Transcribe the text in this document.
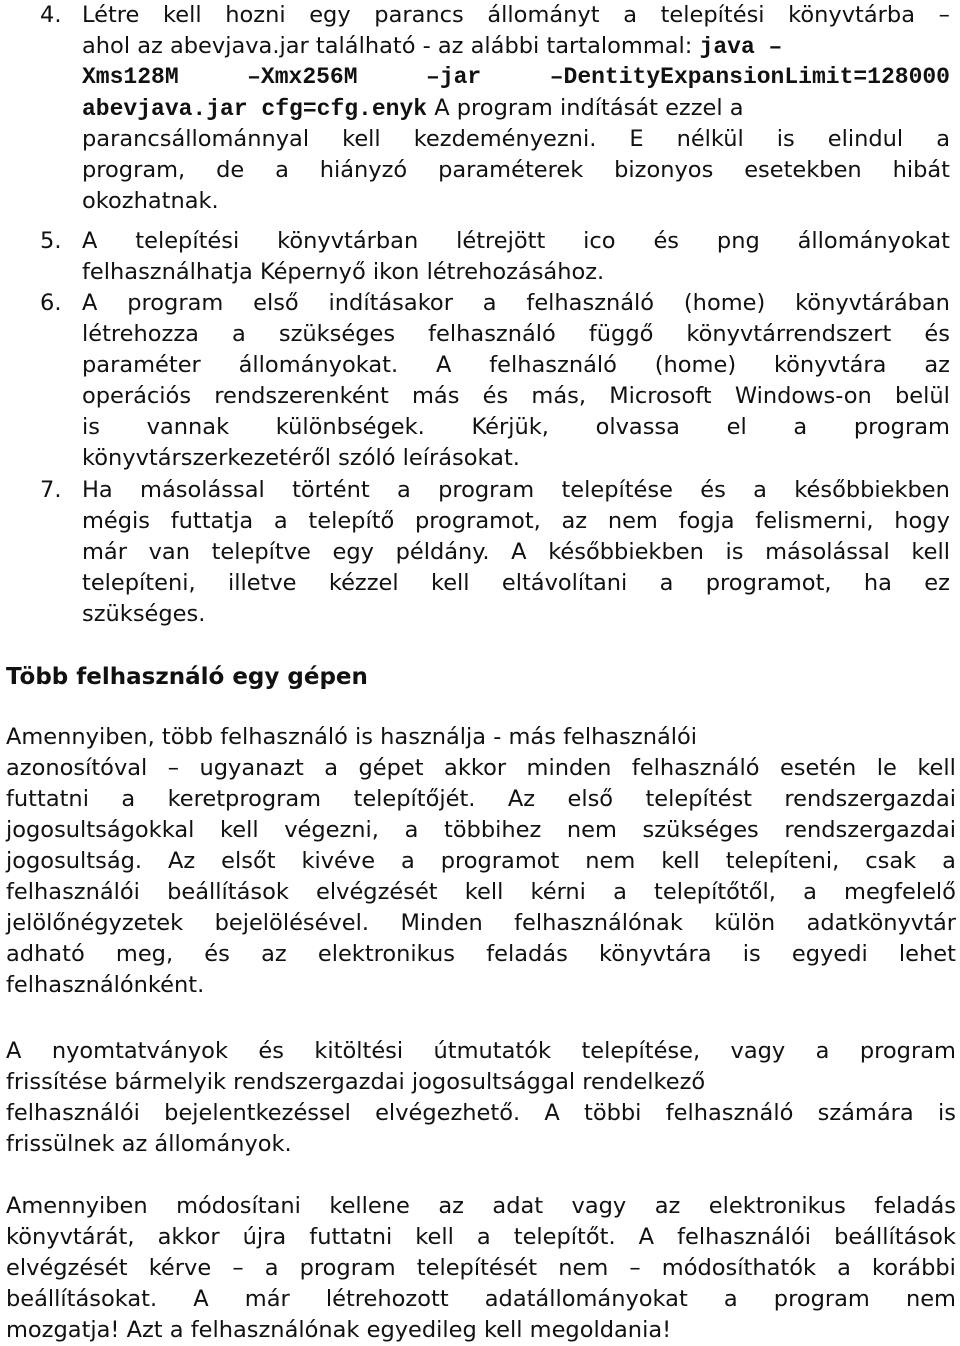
4. Létre kell hozni egy parancs állományt a telepítési könyvtárba –
ahol az abevjava.jar található - az alábbi tartalommal: java –
Xms128M	–Xmx256M	–jar	–DentityExpansionLimit=128000
abevjava.jar cfg=cfg.enyk A program indítását ezzel a
parancsállománnyal kell kezdeményezni. E nélkül is elindul a
program, de a hiányzó paraméterek bizonyos esetekben hibát
okozhatnak.
5. A telepítési könyvtárban létrejött ico és png állományokat
felhasználhatja Képernyő ikon létrehozásához.
6. A program első indításakor a felhasználó (home) könyvtárában
létrehozza a szükséges felhasználó függő könyvtárrendszert és
paraméter állományokat. A felhasználó (home) könyvtára az
operációs rendszerenként más és más, Microsoft Windows-on belül
is vannak különbségek. Kérjük, olvassa el a program
könyvtárszerkezetéről szóló leírásokat.
7. Ha másolással történt a program telepítése és a későbbiekben
mégis futtatja a telepítő programot, az nem fogja felismerni, hogy
már van telepítve egy példány. A későbbiekben is másolással kell
telepíteni, illetve kézzel kell eltávolítani a programot, ha ez
szükséges.
Több felhasználó egy gépen
Amennyiben, több felhasználó is használja - más felhasználói
azonosítóval – ugyanazt a gépet akkor minden felhasználó esetén le kell
futtatni a keretprogram telepítőjét. Az első telepítést rendszergazdai
jogosultságokkal kell végezni, a többihez nem szükséges rendszergazdai
jogosultság. Az elsőt kivéve a programot nem kell telepíteni, csak a
felhasználói beállítások elvégzését kell kérni a telepítőtől, a megfelelő
jelölőnégyzetek bejelölésével. Minden felhasználónak külön adatkönyvtár
adható meg, és az elektronikus feladás könyvtára is egyedi lehet
felhasználónként.
A nyomtatványok és kitöltési útmutatók telepítése, vagy a program
frissítése bármelyik rendszergazdai jogosultsággal rendelkező
felhasználói bejelentkezéssel elvégezhető. A többi felhasználó számára is
frissülnek az állományok.
Amennyiben módosítani kellene az adat vagy az elektronikus feladás
könyvtárát, akkor újra futtatni kell a telepítőt. A felhasználói beállítások
elvégzését kérve – a program telepítését nem – módosíthatók a korábbi
beállításokat. A már létrehozott adatállományokat a program nem
mozgatja! Azt a felhasználónak egyedileg kell megoldania!
